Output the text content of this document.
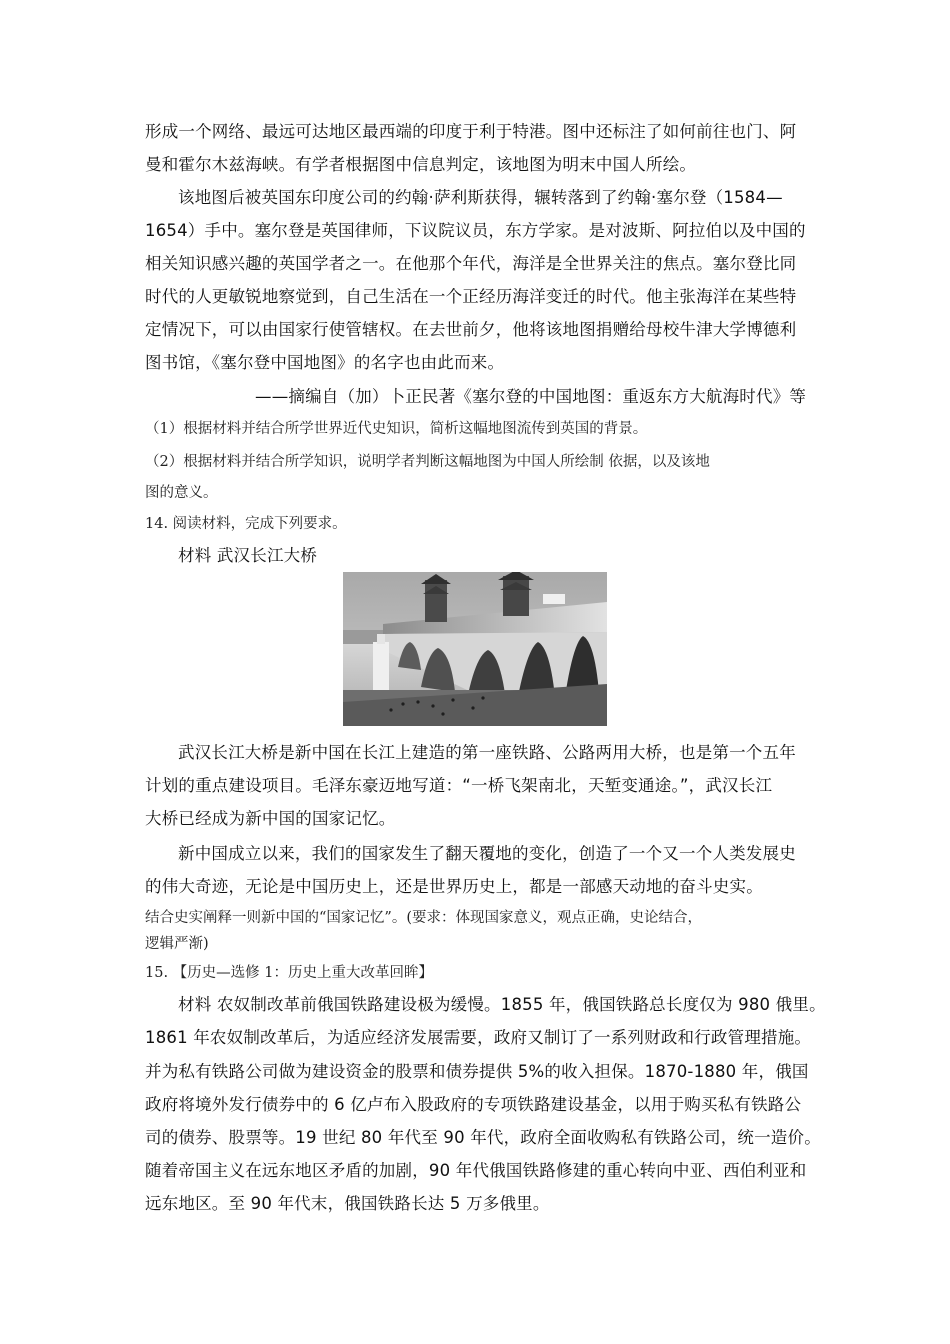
形成一个网络、最远可达地区最西端的印度于利于特港。图中还标注了如何前往也门、阿
曼和霍尔木兹海峡。有学者根据图中信息判定，该地图为明末中国人所绘。
该地图后被英国东印度公司的约翰·萨利斯获得，辗转落到了约翰·塞尔登（1584—
1654）手中。塞尔登是英国律师，下议院议员，东方学家。是对波斯、阿拉伯以及中国的
相关知识感兴趣的英国学者之一。在他那个年代，海洋是全世界关注的焦点。塞尔登比同
时代的人更敏锐地察觉到，自己生活在一个正经历海洋变迁的时代。他主张海洋在某些特
定情况下，可以由国家行使管辖权。在去世前夕，他将该地图捐赠给母校牛津大学博德利
图书馆，《塞尔登中国地图》的名字也由此而来。
——摘编自（加）卜正民著《塞尔登的中国地图：重返东方大航海时代》等
（1）根据材料并结合所学世界近代史知识，简析这幅地图流传到英国的背景。
（2）根据材料并结合所学知识，说明学者判断这幅地图为中国人所绘制 依据，以及该地
图的意义。
14. 阅读材料，完成下列要求。
材料 武汉长江大桥
武汉长江大桥是新中国在长江上建造的第一座铁路、公路两用大桥，也是第一个五年
计划的重点建设项目。毛泽东豪迈地写道：“一桥飞架南北，天堑变通途。”，武汉长江
大桥已经成为新中国的国家记忆。
新中国成立以来，我们的国家发生了翻天覆地的变化，创造了一个又一个人类发展史
的伟大奇迹，无论是中国历史上，还是世界历史上，都是一部感天动地的奋斗史实。
结合史实阐释一则新中国的“国家记忆”。(要求：体现国家意义，观点正确，史论结合，
逻辑严渐)
15. 【历史—选修 1：历史上重大改革回眸】
材料 农奴制改革前俄国铁路建设极为缓慢。1855 年，俄国铁路总长度仅为 980 俄里。
1861 年农奴制改革后，为适应经济发展需要，政府又制订了一系列财政和行政管理措施。
并为私有铁路公司做为建设资金的股票和债券提供 5%的收入担保。1870-1880 年，俄国
政府将境外发行债券中的 6 亿卢布入股政府的专项铁路建设基金，以用于购买私有铁路公
司的债券、股票等。19 世纪 80 年代至 90 年代，政府全面收购私有铁路公司，统一造价。
随着帝国主义在远东地区矛盾的加剧，90 年代俄国铁路修建的重心转向中亚、西伯利亚和
远东地区。至 90 年代末，俄国铁路长达 5 万多俄里。
